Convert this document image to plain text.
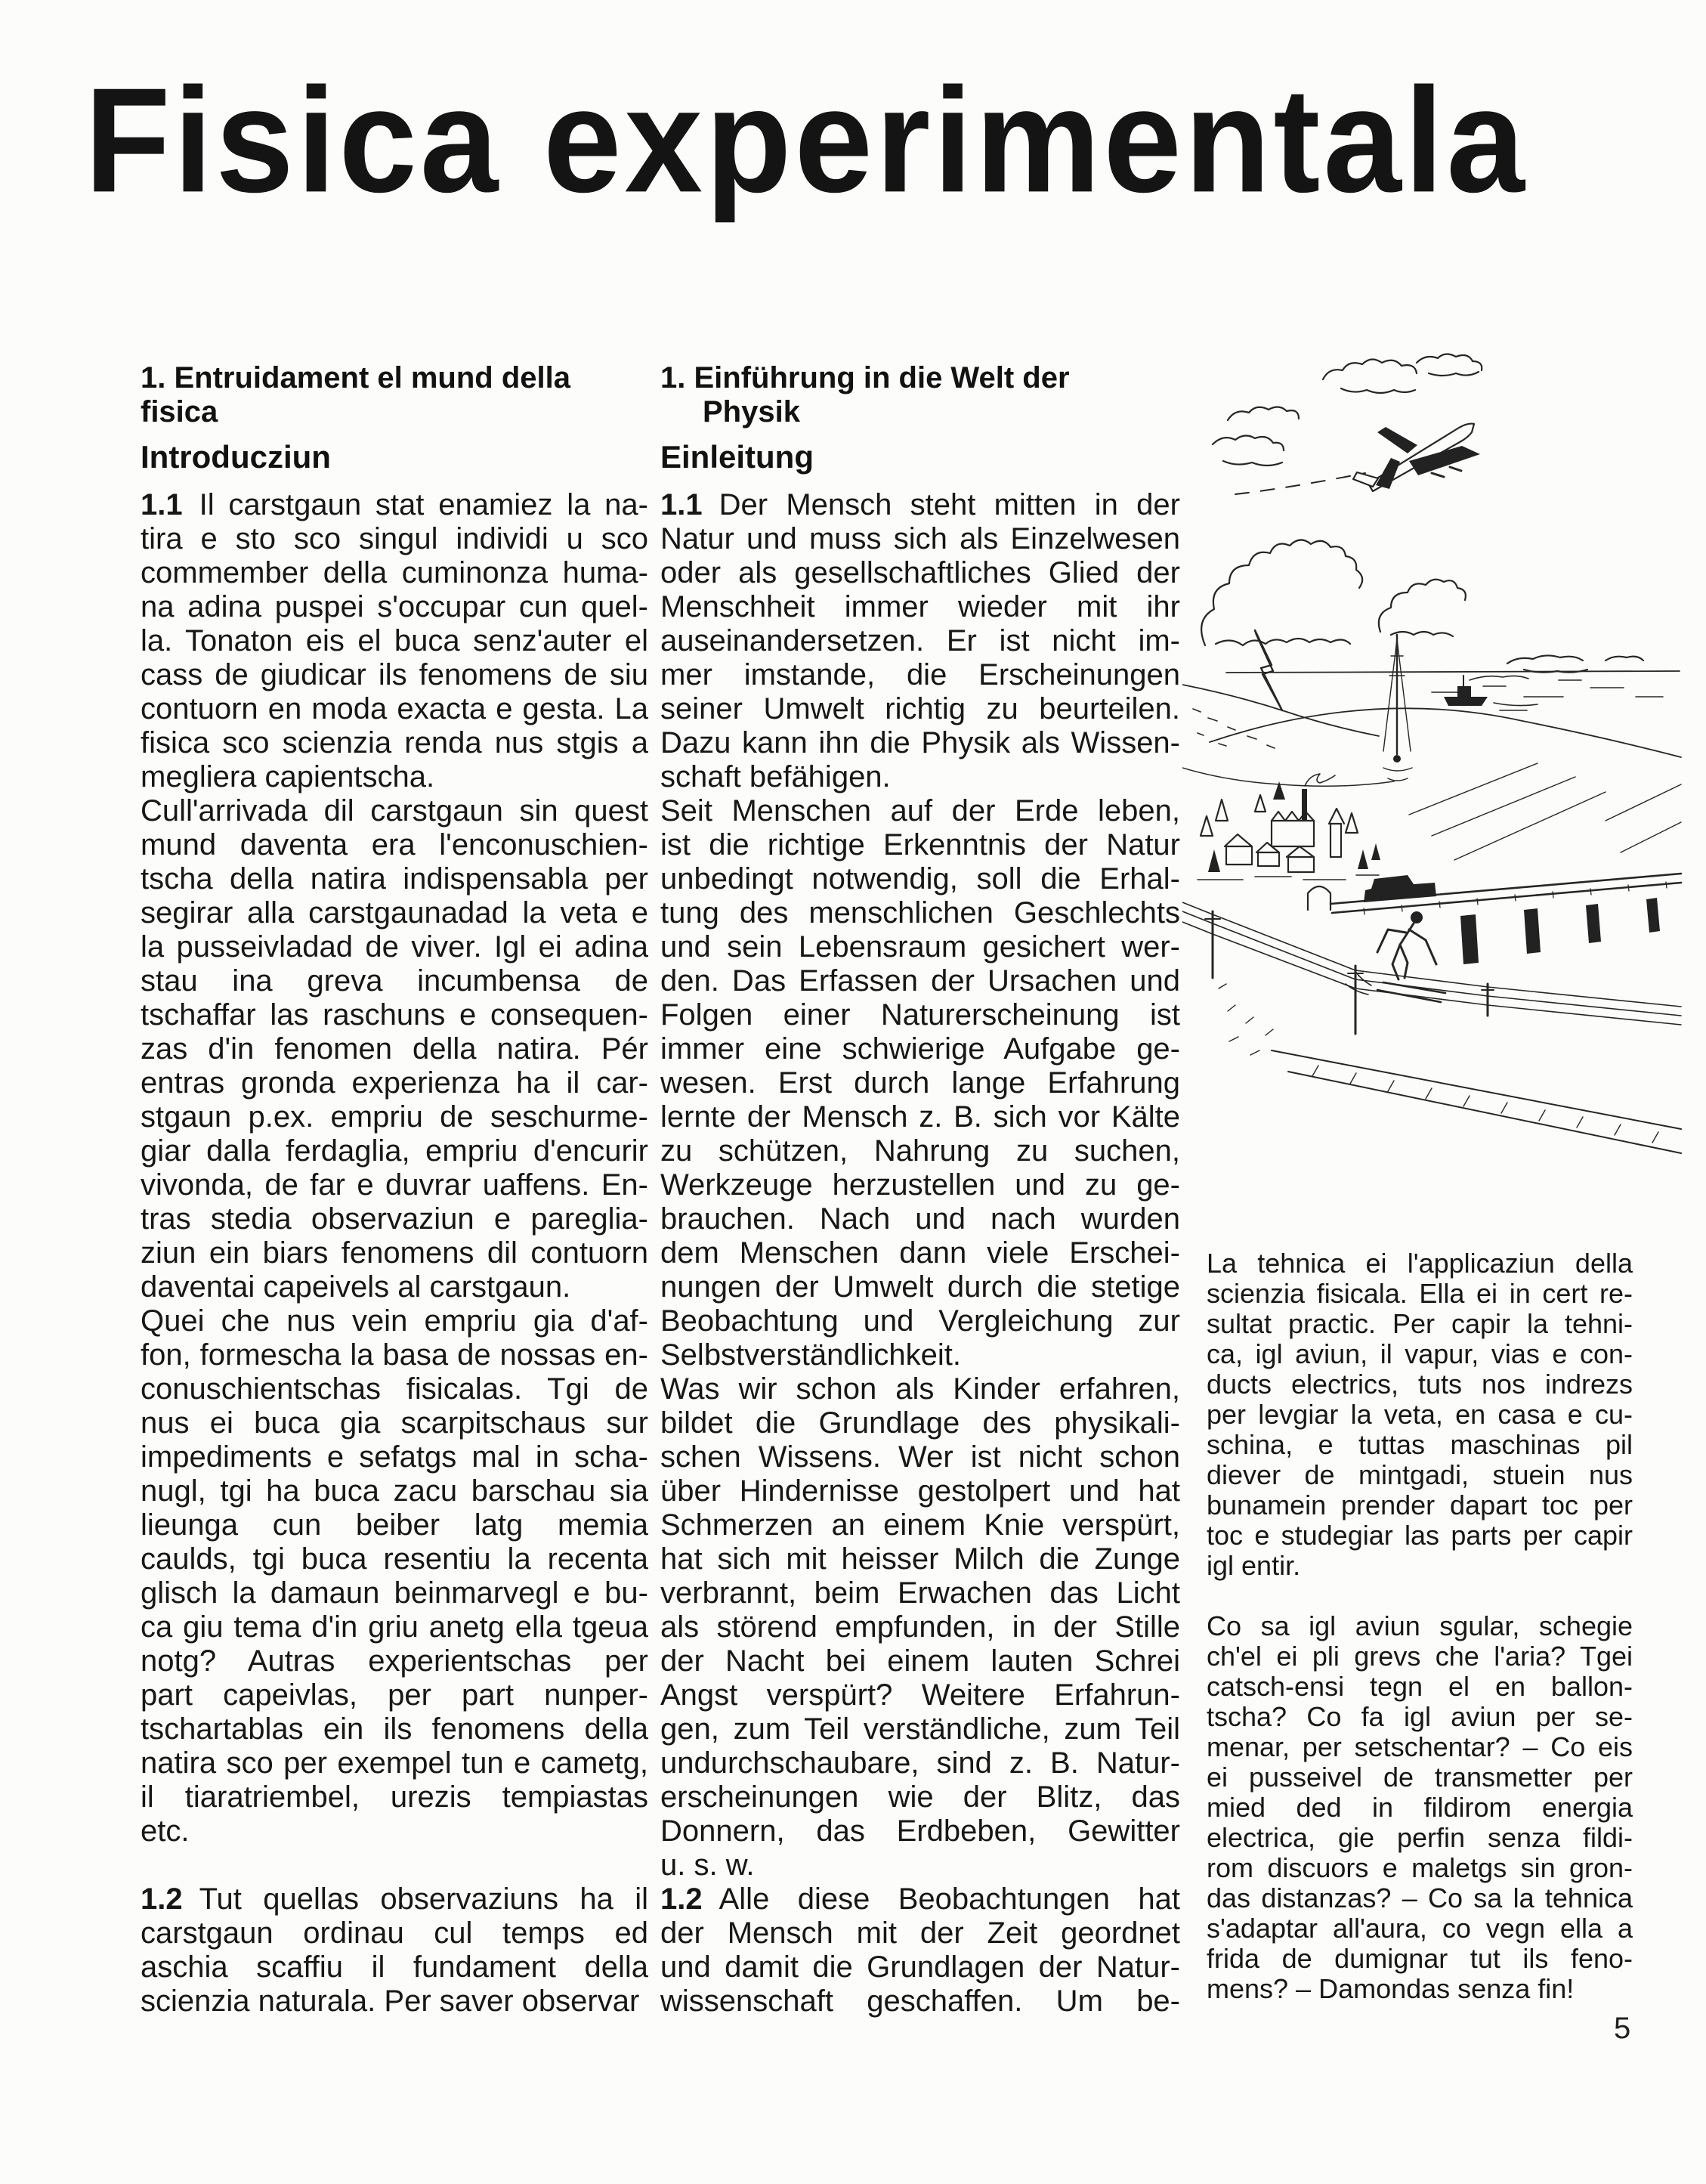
Fisica experimentala
1. Entruidament el mund della
fisica
Introducziun
1.1 Il carstgaun stat enamiez la na-
tira e sto sco singul individi u sco
commember della cuminonza huma-
na adina puspei s'occupar cun quel-
la. Tonaton eis el buca senz'auter el
cass de giudicar ils fenomens de siu
contuorn en moda exacta e gesta. La
fisica sco scienzia renda nus stgis a
megliera capientscha.
Cull'arrivada dil carstgaun sin quest
mund daventa era l'enconuschien-
tscha della natira indispensabla per
segirar alla carstgaunadad la veta e
la pusseivladad de viver. Igl ei adina
stau ina greva incumbensa de
tschaffar las raschuns e consequen-
zas d'in fenomen della natira. Pér
entras gronda experienza ha il car-
stgaun p.ex. empriu de seschurme-
giar dalla ferdaglia, empriu d'encurir
vivonda, de far e duvrar uaffens. En-
tras stedia observaziun e pareglia-
ziun ein biars fenomens dil contuorn
daventai capeivels al carstgaun.
Quei che nus vein empriu gia d'af-
fon, formescha la basa de nossas en-
conuschientschas fisicalas. Tgi de
nus ei buca gia scarpitschaus sur
impediments e sefatgs mal in scha-
nugl, tgi ha buca zacu barschau sia
lieunga cun beiber latg memia
caulds, tgi buca resentiu la recenta
glisch la damaun beinmarvegl e bu-
ca giu tema d'in griu anetg ella tgeua
notg? Autras experientschas per
part capeivlas, per part nunper-
tschartablas ein ils fenomens della
natira sco per exempel tun e cametg,
il tiaratriembel, urezis tempiastas
etc.
1.2 Tut quellas observaziuns ha il
carstgaun ordinau cul temps ed
aschia scaffiu il fundament della
scienzia naturala. Per saver observar
1. Einführung in die Welt der
Physik
Einleitung
1.1 Der Mensch steht mitten in der
Natur und muss sich als Einzelwesen
oder als gesellschaftliches Glied der
Menschheit immer wieder mit ihr
auseinandersetzen. Er ist nicht im-
mer imstande, die Erscheinungen
seiner Umwelt richtig zu beurteilen.
Dazu kann ihn die Physik als Wissen-
schaft befähigen.
Seit Menschen auf der Erde leben,
ist die richtige Erkenntnis der Natur
unbedingt notwendig, soll die Erhal-
tung des menschlichen Geschlechts
und sein Lebensraum gesichert wer-
den. Das Erfassen der Ursachen und
Folgen einer Naturerscheinung ist
immer eine schwierige Aufgabe ge-
wesen. Erst durch lange Erfahrung
lernte der Mensch z. B. sich vor Kälte
zu schützen, Nahrung zu suchen,
Werkzeuge herzustellen und zu ge-
brauchen. Nach und nach wurden
dem Menschen dann viele Erschei-
nungen der Umwelt durch die stetige
Beobachtung und Vergleichung zur
Selbstverständlichkeit.
Was wir schon als Kinder erfahren,
bildet die Grundlage des physikali-
schen Wissens. Wer ist nicht schon
über Hindernisse gestolpert und hat
Schmerzen an einem Knie verspürt,
hat sich mit heisser Milch die Zunge
verbrannt, beim Erwachen das Licht
als störend empfunden, in der Stille
der Nacht bei einem lauten Schrei
Angst verspürt? Weitere Erfahrun-
gen, zum Teil verständliche, zum Teil
undurchschaubare, sind z. B. Natur-
erscheinungen wie der Blitz, das
Donnern, das Erdbeben, Gewitter
u. s. w.
1.2 Alle diese Beobachtungen hat
der Mensch mit der Zeit geordnet
und damit die Grundlagen der Natur-
wissenschaft geschaffen. Um be-
La tehnica ei l'applicaziun della
scienzia fisicala. Ella ei in cert re-
sultat practic. Per capir la tehni-
ca, igl aviun, il vapur, vias e con-
ducts electrics, tuts nos indrezs
per levgiar la veta, en casa e cu-
schina, e tuttas maschinas pil
diever de mintgadi, stuein nus
bunamein prender dapart toc per
toc e studegiar las parts per capir
igl entir.
Co sa igl aviun sgular, schegie
ch'el ei pli grevs che l'aria? Tgei
catsch-ensi tegn el en ballon-
tscha? Co fa igl aviun per se-
menar, per setschentar? – Co eis
ei pusseivel de transmetter per
mied ded in fildirom energia
electrica, gie perfin senza fildi-
rom discuors e maletgs sin gron-
das distanzas? – Co sa la tehnica
s'adaptar all'aura, co vegn ella a
frida de dumignar tut ils feno-
mens? – Damondas senza fin!
5
